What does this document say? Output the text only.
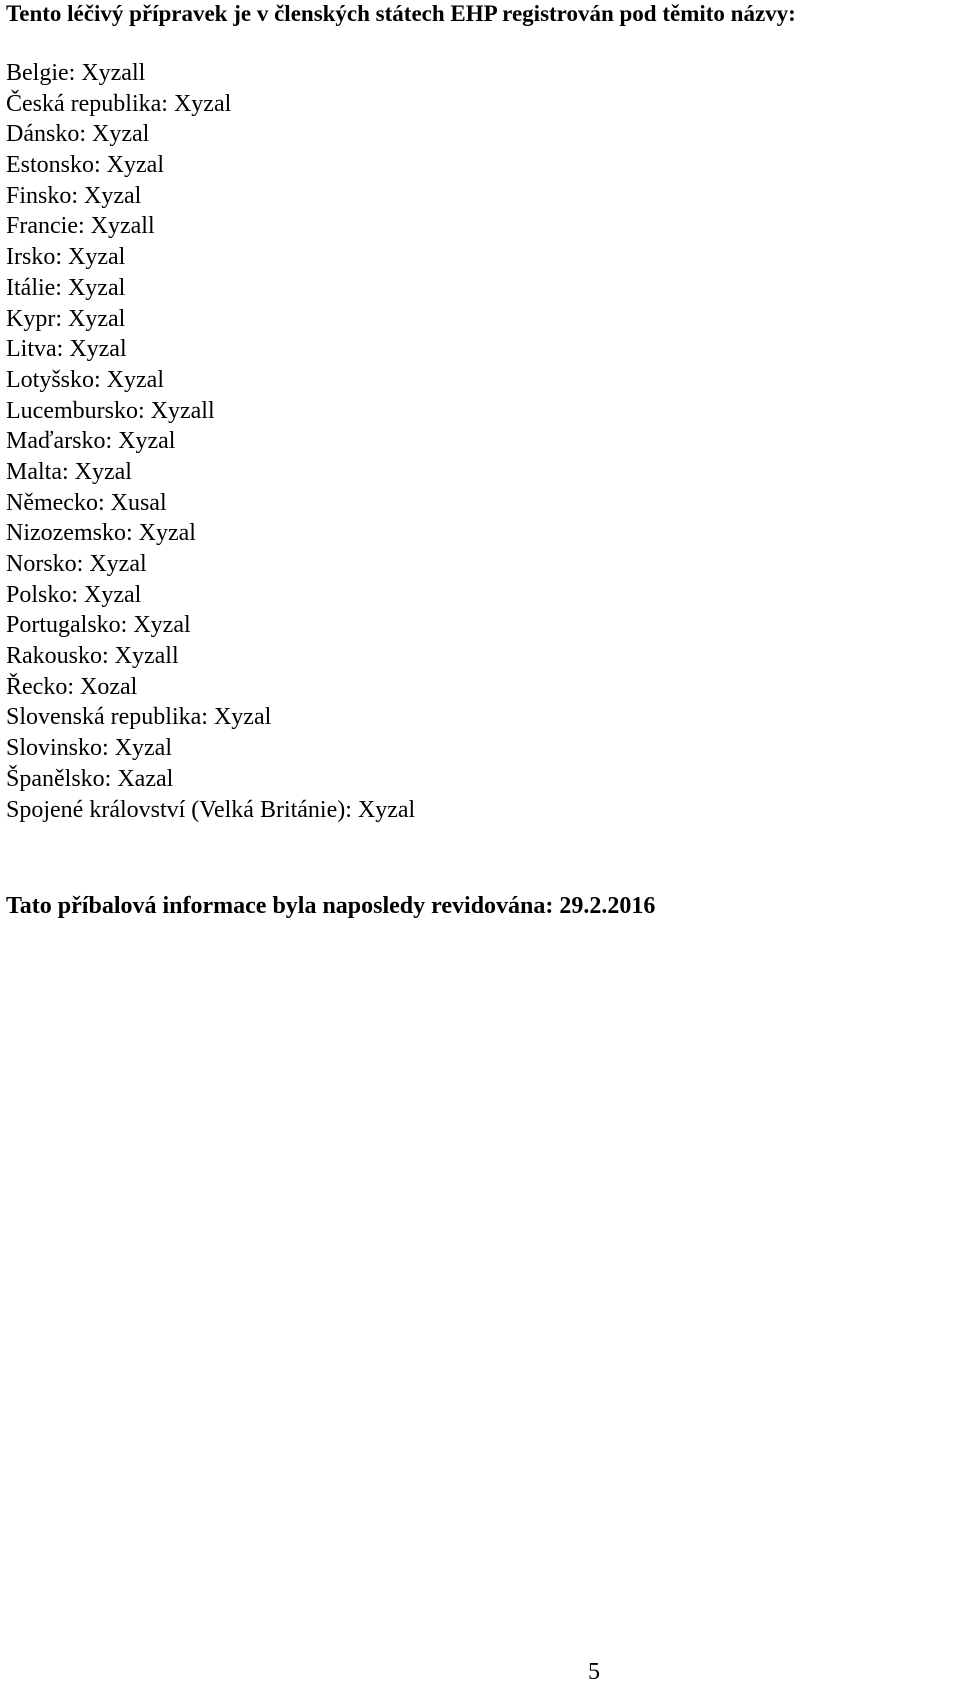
Tento léčivý přípravek je v členských státech EHP registrován pod těmito názvy:
Belgie: Xyzall
Česká republika: Xyzal
Dánsko: Xyzal
Estonsko: Xyzal
Finsko: Xyzal
Francie: Xyzall
Irsko: Xyzal
Itálie: Xyzal
Kypr: Xyzal
Litva: Xyzal
Lotyšsko: Xyzal
Lucembursko: Xyzall
Maďarsko: Xyzal
Malta: Xyzal
Německo: Xusal
Nizozemsko: Xyzal
Norsko: Xyzal
Polsko: Xyzal
Portugalsko: Xyzal
Rakousko: Xyzall
Řecko: Xozal
Slovenská republika: Xyzal
Slovinsko: Xyzal
Španělsko: Xazal
Spojené království (Velká Británie): Xyzal
Tato příbalová informace byla naposledy revidována: 29.2.2016
5
